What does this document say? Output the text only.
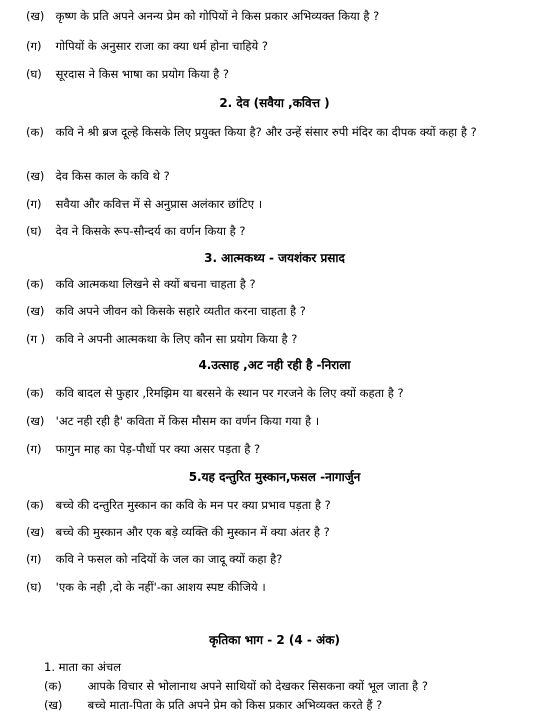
(ख) कृष्ण के प्रति अपने अनन्य प्रेम को गोपियों ने किस प्रकार अभिव्यक्त किया है ?
(ग) गोपियों के अनुसार राजा का क्या धर्म होना चाहिये ?
(घ) सूरदास ने किस भाषा का प्रयोग किया है ?
2. देव (सवैया ,कवित्त )
(क) कवि ने श्री ब्रज दूल्हे किसके लिए प्रयुक्त किया है? और उन्हें संसार रुपी मंदिर का दीपक क्यों कहा है ?
(ख) देव किस काल के कवि थे ?
(ग) सवैया और कवित्त में से अनुप्रास अलंकार छांटिए ।
(घ) देव ने किसके रूप-सौन्दर्य का वर्णन किया है ?
3. आत्मकथ्य - जयशंकर प्रसाद
(क) कवि आत्मकथा लिखने से क्यों बचना चाहता है ?
(ख) कवि अपने जीवन को किसके सहारे व्यतीत करना चाहता है ?
(ग ) कवि ने अपनी आत्मकथा के लिए कौन सा प्रयोग किया है ?
4.उत्साह ,अट नही रही है -निराला
(क) कवि बादल से फुहार ,रिमझिम या बरसने के स्थान पर गरजने के लिए क्यों कहता है ?
(ख) 'अट नही रही है' कविता में किस मौसम का वर्णन किया गया है ।
(ग) फागुन माह का पेड़-पौधों पर क्या असर पड़ता है ?
5.यह दन्तुरित मुस्कान,फसल -नागार्जुन
(क) बच्चे की दन्तुरित मुस्कान का कवि के मन पर क्या प्रभाव पड़ता है ?
(ख) बच्चे की मुस्कान और एक बड़े व्यक्ति की मुस्कान में क्या अंतर है ?
(ग) कवि ने फसल को नदियों के जल का जादू क्यों कहा है?
(घ) 'एक के नही ,दो के नहीं'-का आशय स्पष्ट कीजिये ।
कृतिका भाग - 2 (4 - अंक)
1. माता का अंचल
(क) आपके विचार से भोलानाथ अपने साथियों को देखकर सिसकना क्यों भूल जाता है ?
(ख) बच्चे माता-पिता के प्रति अपने प्रेम को किस प्रकार अभिव्यक्त करते हैं ?
